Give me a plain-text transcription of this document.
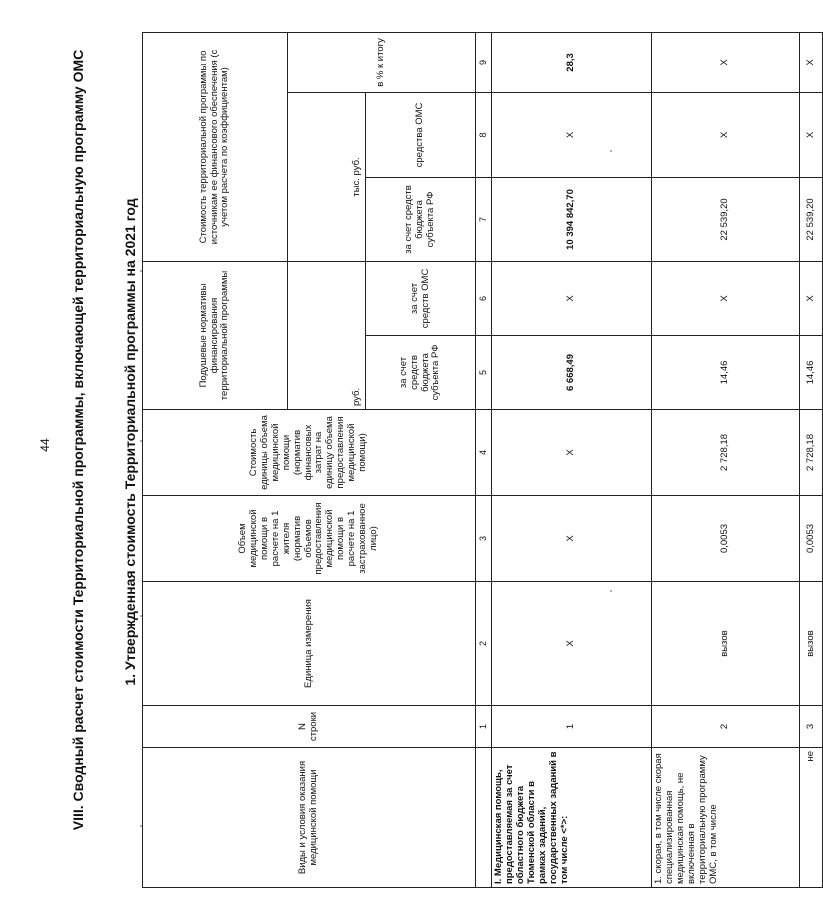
44 VIII. Сводный расчет стоимости Территориальной программы, включающей территориальную программу ОМС	1. Утвержденная стоимость Территориальной программы на 2021 год
Виды и условия оказания медицинской помощи	N строки	Единица измерения	Объем медицинской помощи в расчете на 1 жителя (норматив объемов предоставления медицинской помощи в расчете на 1 застрахованное лицо)	Стоимость единицы объема медицинской помощи (норматив финансовых затрат на единицу объема предоставления медицинской помощи)	Подушевые нормативы финансирования территориальной программы		Стоимость территориальной программы по источникам ее финансового обеспечения (с учетом расчета по коэффициентам)		
					руб.		тыс. руб.		в % к итогу

					за счет средств бюджета субъекта РФ	за счет средств ОМС	за счет средств бюджета субъекта РФ	средства ОМС	
	1	2	3	4	5	6	7	8	9
I. Медицинская помощь, предоставляемая за счет областного бюджета Тюменской области в рамках заданий, государственных заданий в том числе <*>:	1	X	X	X	6 668,49	X	10 394 842,70	X	28,3
1. скорая, в том числе скорая специализированная медицинская помощь, не включенная в территориальную программу ОМС, в том числе	2	вызов	0,0053	2 728,18	14,46	X	22 539,20	X	X
не	3	вызов	0,0053	2 728,18	14,46	X	22 539,20	X	X
